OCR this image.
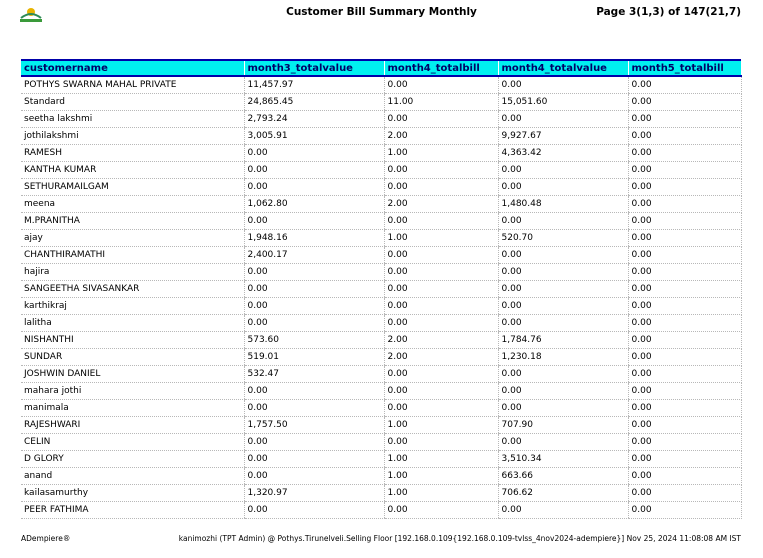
Customer Bill Summary Monthly	Page 3(1,3) of 147(21,7)
customername	month3_totalvalue	month4_totalbill	month4_totalvalue	month5_totalbill
POTHYS SWARNA MAHAL PRIVATE	11,457.97	0.00	0.00	0.00
Standard	24,865.45	11.00	15,051.60	0.00
seetha lakshmi	2,793.24	0.00	0.00	0.00
jothilakshmi	3,005.91	2.00	9,927.67	0.00
RAMESH	0.00	1.00	4,363.42	0.00
KANTHA KUMAR	0.00	0.00	0.00	0.00
SETHURAMAILGAM	0.00	0.00	0.00	0.00
meena	1,062.80	2.00	1,480.48	0.00
M.PRANITHA	0.00	0.00	0.00	0.00
ajay	1,948.16	1.00	520.70	0.00
CHANTHIRAMATHI	2,400.17	0.00	0.00	0.00
hajira	0.00	0.00	0.00	0.00
SANGEETHA SIVASANKAR	0.00	0.00	0.00	0.00
karthikraj	0.00	0.00	0.00	0.00
lalitha	0.00	0.00	0.00	0.00
NISHANTHI	573.60	2.00	1,784.76	0.00
SUNDAR	519.01	2.00	1,230.18	0.00
JOSHWIN DANIEL	532.47	0.00	0.00	0.00
mahara jothi	0.00	0.00	0.00	0.00
manimala	0.00	0.00	0.00	0.00
RAJESHWARI	1,757.50	1.00	707.90	0.00
CELIN	0.00	0.00	0.00	0.00
D GLORY	0.00	1.00	3,510.34	0.00
anand	0.00	1.00	663.66	0.00
kailasamurthy	1,320.97	1.00	706.62	0.00
PEER FATHIMA	0.00	0.00	0.00	0.00
ADempiere®	kanimozhi (TPT Admin) @ Pothys.Tirunelveli.Selling Floor [192.168.0.109{192.168.0.109-tvlss_4nov2024-adempiere}] Nov 25, 2024 11:08:08 AM IST
